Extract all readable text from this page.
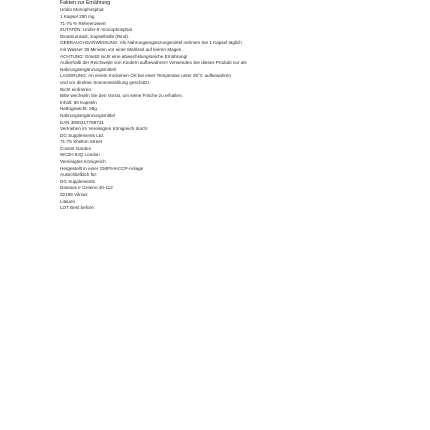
Fakten zur Ernährung
Uridin Monophosphat
1 Kapsel 250 mg
71-75 % Referenzwert
ZUTATEN: Uridin-5'-monophosphat
Dinatriumsalz, Kapselhülle (Rind).
GEBRAUCHSANWEISUNG: Als Nahrungsergänzungsmittel nehmen Sie 1 Kapsel täglich
mit Wasser 30 Minuten vor einer Mahlzeit auf leeren Magen.
ACHTUNG: Ersetzt nicht eine abwechslungsreiche Ernährung!
Außerhalb der Reichweite von Kindern aufbewahren! Verwenden Sie dieses Produkt nur als
Nahrungsergänzungsmittel!
LAGERUNG: An einem trockenen Ort bei einer Temperatur unter 25°C aufbewahren
und vor direkter Sonnenstrahlung geschützt.
Nicht einfrieren.
Bitte wechseln Sie den Vorrat, um seine Frische zu erhalten.
Inhalt: 60 Kapseln
Nettogewicht: 28g
Nahrungsergänzungsmittel
EAN 3800217788731
Vertrieben im Vereinigten Königreich durch:
DG Supplements Ltd.
71-75 Shelton Street
Covent Garden
WC2H 9JQ London
Vereinigtes Königreich
Hergestellt in einer GMP/HACCP-Anlage
Ausschließlich für:
DG Supplements
Daniaus Ir Greeno 40-112
02189 Vilnius
Litauen
LOT Best before:
